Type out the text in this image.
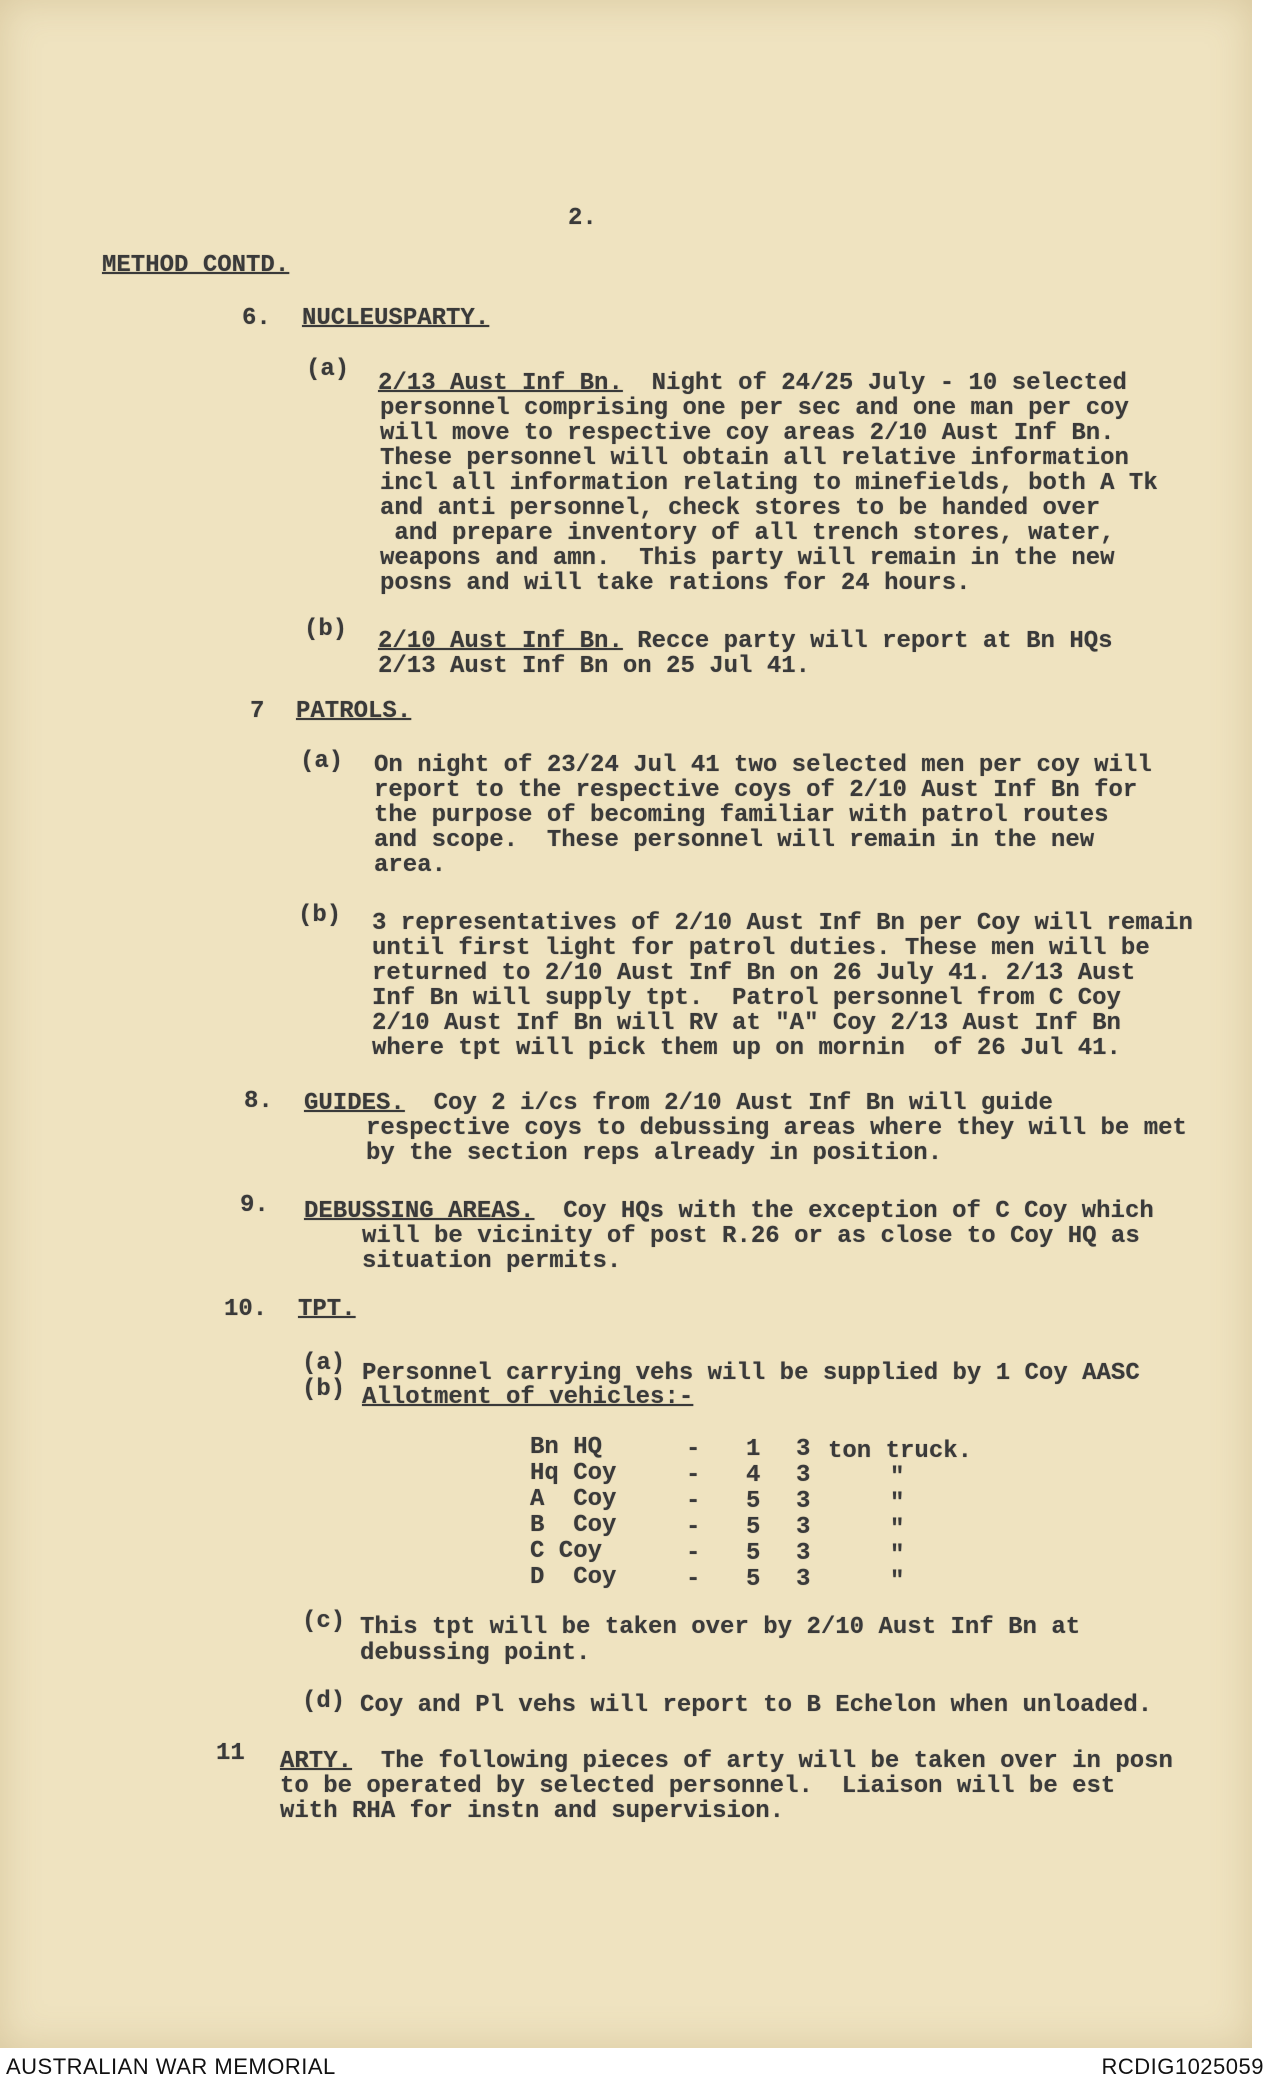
2.
METHOD CONTD.
6. NUCLEUSPARTY.
(a)
2/13 Aust Inf Bn. Night of 24/25 July - 10 selected
personnel comprising one per sec and one man per coy
will move to respective coy areas 2/10 Aust Inf Bn.
These personnel will obtain all relative information
incl all information relating to minefields, both A Tk
and anti personnel, check stores to be handed over
and prepare inventory of all trench stores, water,
weapons and amn.  This party will remain in the new
posns and will take rations for 24 hours.
(b) 2/10 Aust Inf Bn. Recce party will report at Bn HQs
2/13 Aust Inf Bn on 25 Jul 41.
7 PATROLS.
(a) On night of 23/24 Jul 41 two selected men per coy will
report to the respective coys of 2/10 Aust Inf Bn for
the purpose of becoming familiar with patrol routes
and scope.  These personnel will remain in the new
area.
(b) 3 representatives of 2/10 Aust Inf Bn per Coy will remain
until first light for patrol duties. These men will be
returned to 2/10 Aust Inf Bn on 26 July 41. 2/13 Aust
Inf Bn will supply tpt.  Patrol personnel from C Coy
2/10 Aust Inf Bn will RV at "A" Coy 2/13 Aust Inf Bn
where tpt will pick them up on mornin  of 26 Jul 41.
8. GUIDES. Coy 2 i/cs from 2/10 Aust Inf Bn will guide
respective coys to debussing areas where they will be met
by the section reps already in position.
9. DEBUSSING AREAS. Coy HQs with the exception of C Coy which
will be vicinity of post R.26 or as close to Coy HQ as
situation permits.
10. TPT.
(a) Personnel carrying vehs will be supplied by 1 Coy AASC
(b) Allotment of vehicles:-
Bn HQ	- 1 3 ton truck.
Hq Coy	- 4 3	"
A  Coy	- 5 3	"
B  Coy	- 5 3	"
C Coy	- 5 3	"
D  Coy	- 5 3	"
(c) This tpt will be taken over by 2/10 Aust Inf Bn at
debussing point.
(d) Coy and Pl vehs will report to B Echelon when unloaded.
11 ARTY. The following pieces of arty will be taken over in posn
to be operated by selected personnel.  Liaison will be est
with RHA for instn and supervision.
AUSTRALIAN WAR MEMORIAL	RCDIG1025059
